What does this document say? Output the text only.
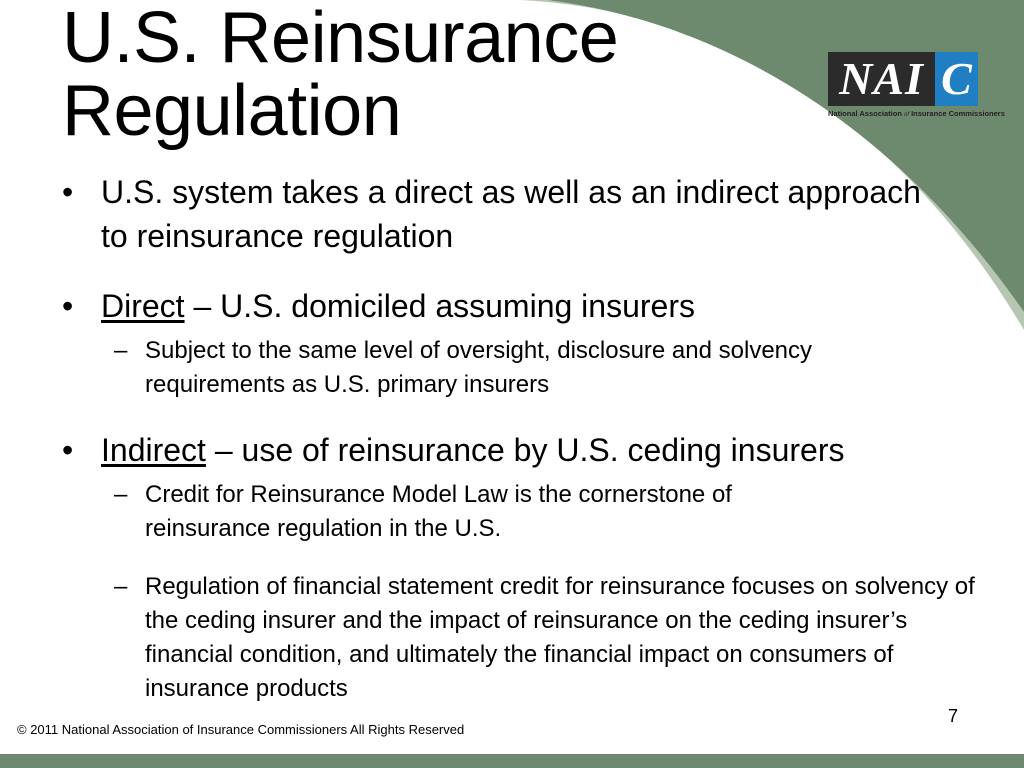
U.S. Reinsurance Regulation	NAI C
National Association of Insurance Commissioners
• U.S. system takes a direct as well as an indirect approach to reinsurance regulation
• Direct – U.S. domiciled assuming insurers
– Subject to the same level of oversight, disclosure and solvency requirements as U.S. primary insurers
• Indirect – use of reinsurance by U.S. ceding insurers
– Credit for Reinsurance Model Law is the cornerstone of reinsurance regulation in the U.S.
– Regulation of financial statement credit for reinsurance focuses on solvency of the ceding insurer and the impact of reinsurance on the ceding insurer’s financial condition, and ultimately the financial impact on consumers of insurance products
7
© 2011 National Association of Insurance Commissioners All Rights Reserved
